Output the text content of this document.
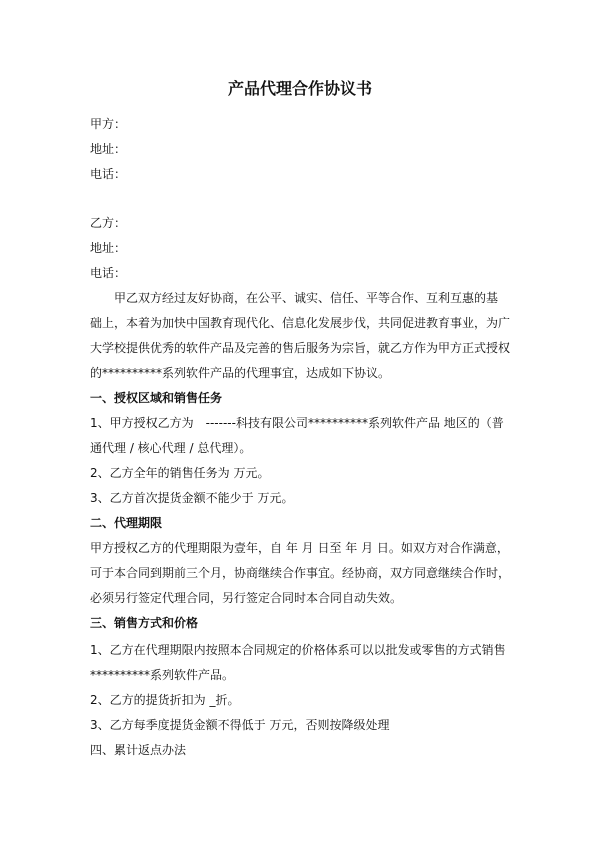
产品代理合作协议书
甲方：
地址：
电话：
乙方：
地址：
电话：
　　甲乙双方经过友好协商，在公平、诚实、信任、平等合作、互利互惠的基
础上，本着为加快中国教育现代化、信息化发展步伐，共同促进教育事业，为广
大学校提供优秀的软件产品及完善的售后服务为宗旨，就乙方作为甲方正式授权
的**********系列软件产品的代理事宜，达成如下协议。
一、授权区域和销售任务
1、甲方授权乙方为　-------科技有限公司**********系列软件产品 地区的（普
通代理 / 核心代理 / 总代理）。
2、乙方全年的销售任务为 万元。
3、乙方首次提货金额不能少于 万元。
二、代理期限
甲方授权乙方的代理期限为壹年，自 年 月 日至 年 月 日。如双方对合作满意，
可于本合同到期前三个月，协商继续合作事宜。经协商，双方同意继续合作时，
必须另行签定代理合同，另行签定合同时本合同自动失效。
三、销售方式和价格
1、乙方在代理期限内按照本合同规定的价格体系可以以批发或零售的方式销售
**********系列软件产品。
2、乙方的提货折扣为 _折。
3、乙方每季度提货金额不得低于 万元，否则按降级处理
四、累计返点办法
